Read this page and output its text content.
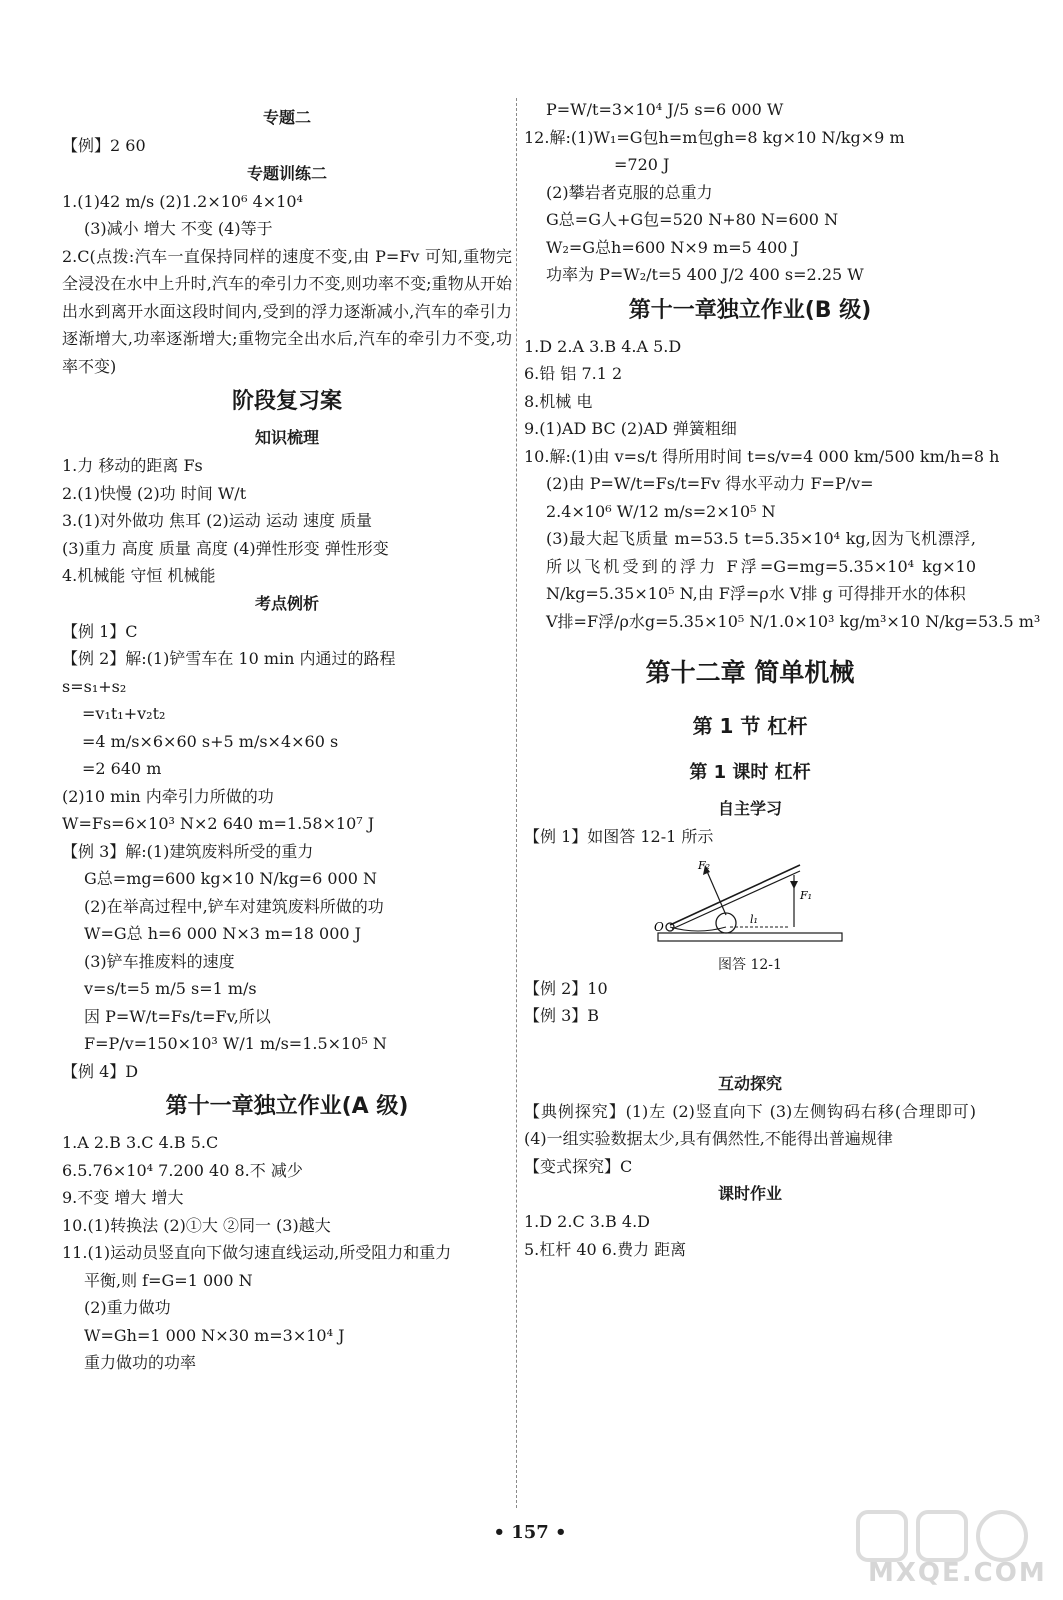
专题二
【例】2 60
专题训练二
1.(1)42 m/s (2)1.2×10⁶ 4×10⁴
(3)减小 增大 不变 (4)等于
2.C(点拨:汽车一直保持同样的速度不变,由 P=Fv 可知,重物完全浸没在水中上升时,汽车的牵引力不变,则功率不变;重物从开始出水到离开水面这段时间内,受到的浮力逐渐减小,汽车的牵引力逐渐增大,功率逐渐增大;重物完全出水后,汽车的牵引力不变,功率不变)
阶段复习案
知识梳理
1.力 移动的距离 Fs
2.(1)快慢 (2)功 时间 W/t
3.(1)对外做功 焦耳 (2)运动 运动 速度 质量
(3)重力 高度 质量 高度 (4)弹性形变 弹性形变
4.机械能 守恒 机械能
考点例析
【例 1】C
【例 2】解:(1)铲雪车在 10 min 内通过的路程
s=s₁+s₂
=v₁t₁+v₂t₂
=4 m/s×6×60 s+5 m/s×4×60 s
=2 640 m
(2)10 min 内牵引力所做的功
W=Fs=6×10³ N×2 640 m=1.58×10⁷ J
【例 3】解:(1)建筑废料所受的重力
G总=mg=600 kg×10 N/kg=6 000 N
(2)在举高过程中,铲车对建筑废料所做的功
W=G总 h=6 000 N×3 m=18 000 J
(3)铲车推废料的速度
v=s/t=5 m/5 s=1 m/s
因 P=W/t=Fs/t=Fv,所以
F=P/v=150×10³ W/1 m/s=1.5×10⁵ N
【例 4】D
第十一章独立作业(A 级)
1.A 2.B 3.C 4.B 5.C
6.5.76×10⁴ 7.200 40 8.不 减少
9.不变 增大 增大
10.(1)转换法 (2)①大 ②同一 (3)越大
11.(1)运动员竖直向下做匀速直线运动,所受阻力和重力
平衡,则 f=G=1 000 N
(2)重力做功
W=Gh=1 000 N×30 m=3×10⁴ J
重力做功的功率
P=W/t=3×10⁴ J/5 s=6 000 W
12.解:(1)W₁=G包h=m包gh=8 kg×10 N/kg×9 m
=720 J
(2)攀岩者克服的总重力
G总=G人+G包=520 N+80 N=600 N
W₂=G总h=600 N×9 m=5 400 J
功率为 P=W₂/t=5 400 J/2 400 s=2.25 W
第十一章独立作业(B 级)
1.D 2.A 3.B 4.A 5.D
6.铅 铝 7.1 2
8.机械 电
9.(1)AD BC (2)AD 弹簧粗细
10.解:(1)由 v=s/t 得所用时间 t=s/v=4 000 km/500 km/h=8 h
(2)由 P=W/t=Fs/t=Fv 得水平动力 F=P/v=
2.4×10⁶ W/12 m/s=2×10⁵ N
(3)最大起飞质量 m=53.5 t=5.35×10⁴ kg,因为飞机漂浮,所以飞机受到的浮力 F浮=G=mg=5.35×10⁴ kg×10 N/kg=5.35×10⁵ N,由 F浮=ρ水 V排 g 可得排开水的体积
V排=F浮/ρ水g=5.35×10⁵ N/1.0×10³ kg/m³×10 N/kg=53.5 m³
第十二章 简单机械
第 1 节 杠杆
第 1 课时 杠杆
自主学习
【例 1】如图答 12-1 所示
F₂
F₁
O
l₁
图答 12-1
【例 2】10
【例 3】B
互动探究
【典例探究】(1)左 (2)竖直向下 (3)左侧钩码右移(合理即可) (4)一组实验数据太少,具有偶然性,不能得出普遍规律
【变式探究】C
课时作业
1.D 2.C 3.B 4.D
5.杠杆 40 6.费力 距离
• 157 •
MXQE.COM
